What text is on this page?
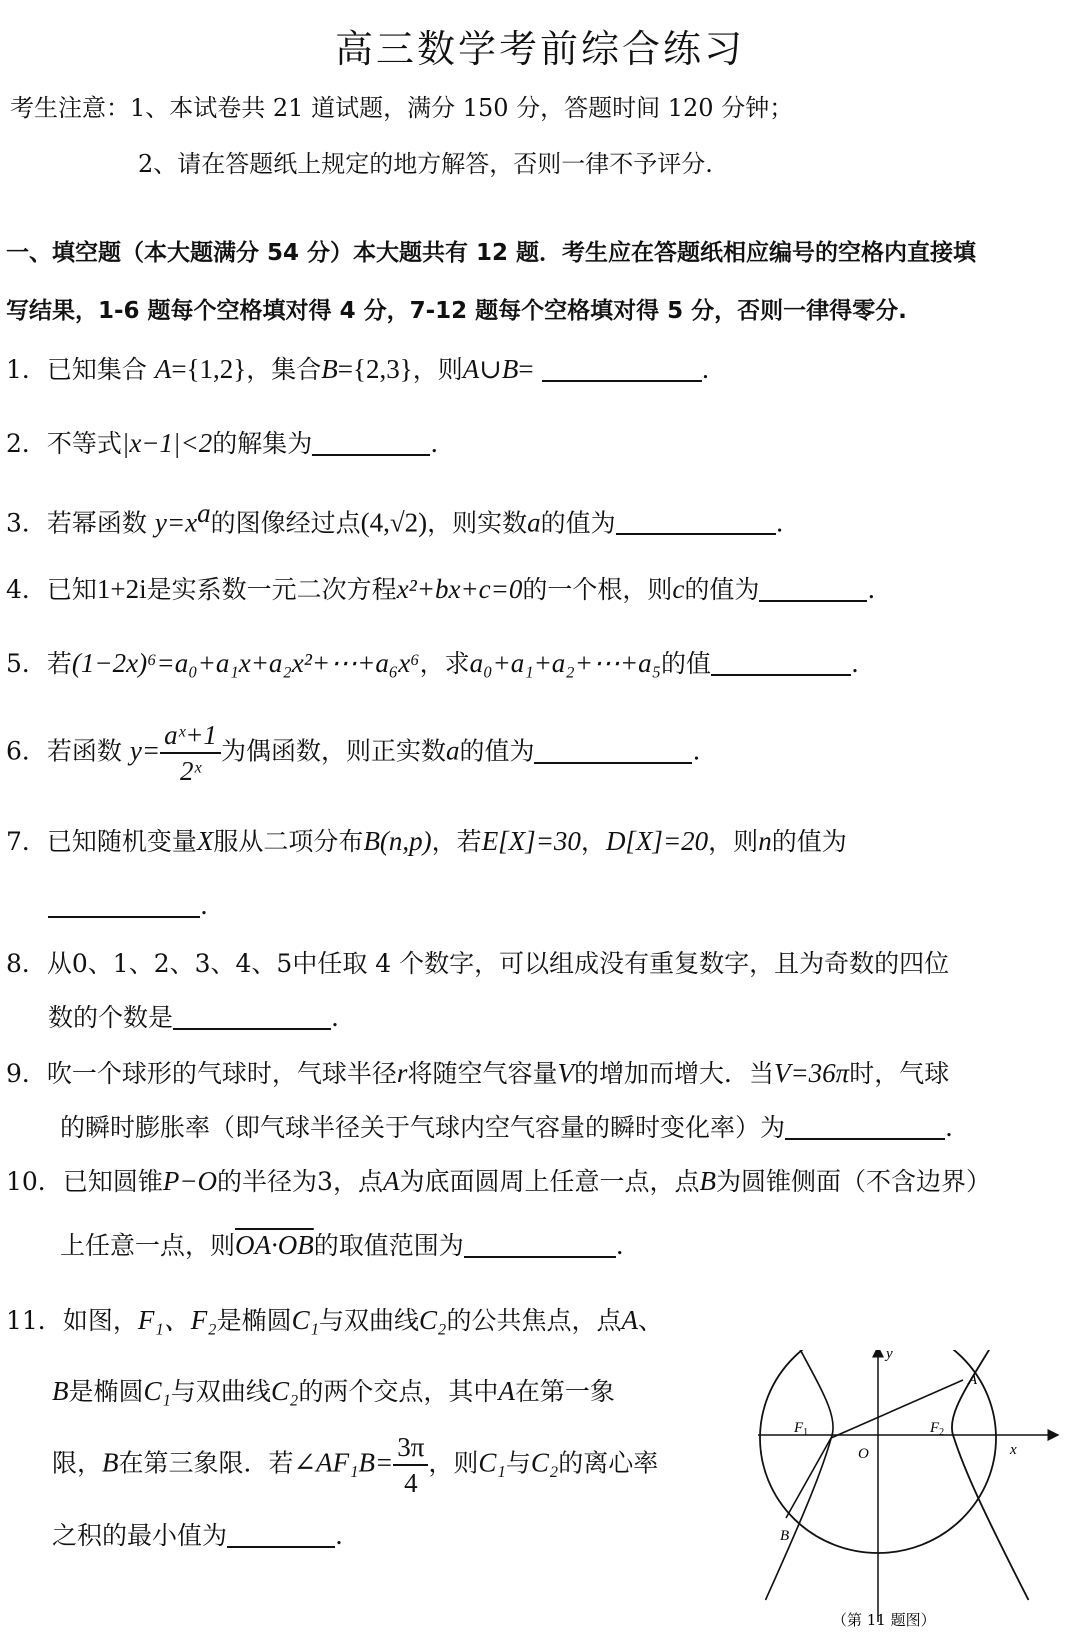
高三数学考前综合练习
考生注意：1、本试卷共 21 道试题，满分 150 分，答题时间 120 分钟；
2、请在答题纸上规定的地方解答，否则一律不予评分.
一、填空题（本大题满分 54 分）本大题共有 12 题．考生应在答题纸相应编号的空格内直接填
写结果，1-6 题每个空格填对得 4 分，7-12 题每个空格填对得 5 分，否则一律得零分.
1．已知集合 A={1,2}，集合B={2,3}，则A∪B=	.
2．不等式|x−1|<2的解集为	.
3．若幂函数 $y=x^a$的图像经过点(4,√2)，则实数a的值为	.
4．已知1+2i是实系数一元二次方程x²+bx+c=0的一个根，则c的值为	.
5．若(1−2x)⁶=a₀+a₁x+a₂x²+⋯+a₆x⁶，求a₀+a₁+a₂+⋯+a₅的值	.
6．若函数 $y= \frac{\text{aˣ+1}}{\text{2ˣ}}$ 为偶函数，则正实数a的值为	.
7．已知随机变量X服从二项分布B(n,p)，若E[X]=30，D[X]=20，则n的值为
.
8．从0、1、2、3、4、5中任取 4 个数字，可以组成没有重复数字，且为奇数的四位
数的个数是	.
9．吹一个球形的气球时，气球半径r将随空气容量V的增加而增大．当V=36π时，气球
的瞬时膨胀率（即气球半径关于气球内空气容量的瞬时变化率）为	.
10．已知圆锥P−O的半径为3，点A为底面圆周上任意一点，点B为圆锥侧面（不含边界）
上任意一点，则OA·OB的取值范围为	.
11．如图，F₁、F₂是椭圆C₁与双曲线C₂的公共焦点，点A、
B是椭圆C₁与双曲线C₂的两个交点，其中A在第一象
限，B在第三象限．若∠AF₁B= $\frac{3\pi}{4}$ ，则C₁与C₂的离心率
之积的最小值为	.
y
x
O
A
B
$F_1$	$F_2$
（第 11 题图）
